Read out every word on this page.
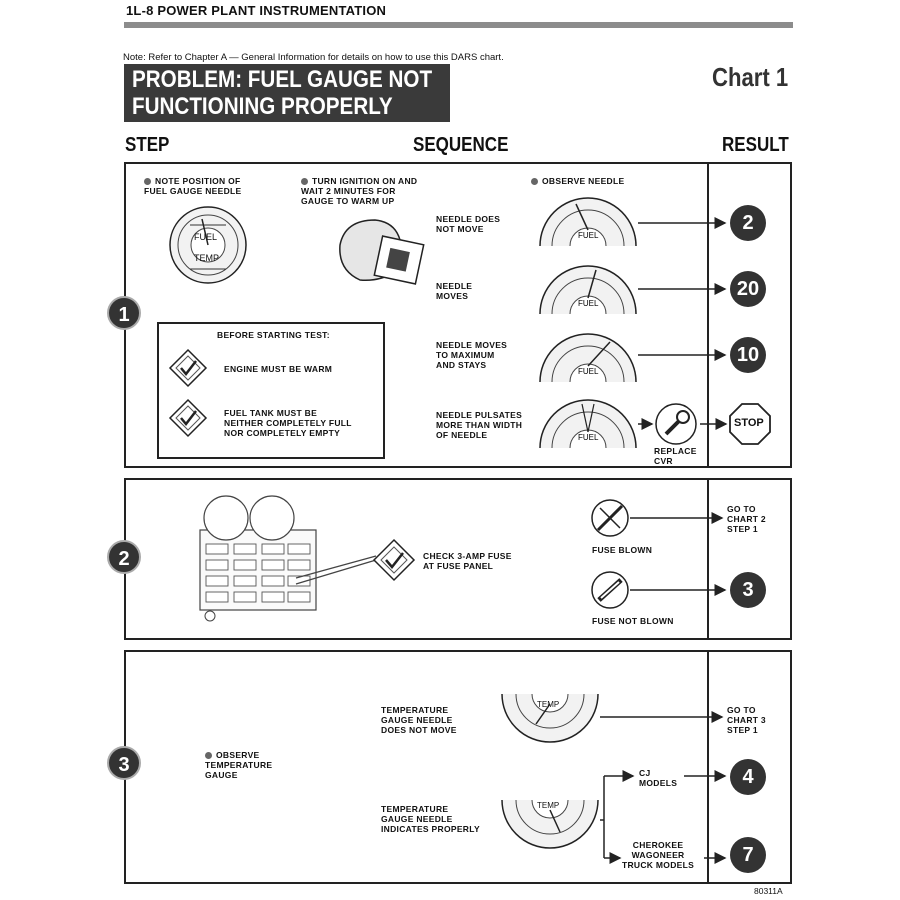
1L-8 POWER PLANT INSTRUMENTATION
Note: Refer to Chapter A — General Information for details on how to use this DARS chart.
PROBLEM: FUEL GAUGE NOT
FUNCTIONING PROPERLY
Chart 1
STEP	SEQUENCE	RESULT
1
NOTE POSITION OF
FUEL GAUGE NEEDLE
TURN IGNITION ON AND
WAIT 2 MINUTES FOR
GAUGE TO WARM UP
OBSERVE NEEDLE
FUEL
TEMP
BEFORE STARTING TEST:
ENGINE MUST BE WARM
FUEL TANK MUST BE
NEITHER COMPLETELY FULL
NOR COMPLETELY EMPTY
NEEDLE DOES
NOT MOVE
NEEDLE
MOVES
NEEDLE MOVES
TO MAXIMUM
AND STAYS
NEEDLE PULSATES
MORE THAN WIDTH
OF NEEDLE
FUEL
FUEL
FUEL
FUEL
2
20
10
REPLACE
CVR
STOP
2	CHECK 3-AMP FUSE
AT FUSE PANEL
FUSE BLOWN
FUSE NOT BLOWN
GO TO
CHART 2
STEP 1
3
3	OBSERVE
TEMPERATURE
GAUGE
TEMP
TEMP
TEMPERATURE
GAUGE NEEDLE
DOES NOT MOVE
TEMPERATURE
GAUGE NEEDLE
INDICATES PROPERLY
GO TO
CHART 3
STEP 1
CJ
MODELS	4
CHEROKEE
WAGONEER
TRUCK MODELS	7
80311A
